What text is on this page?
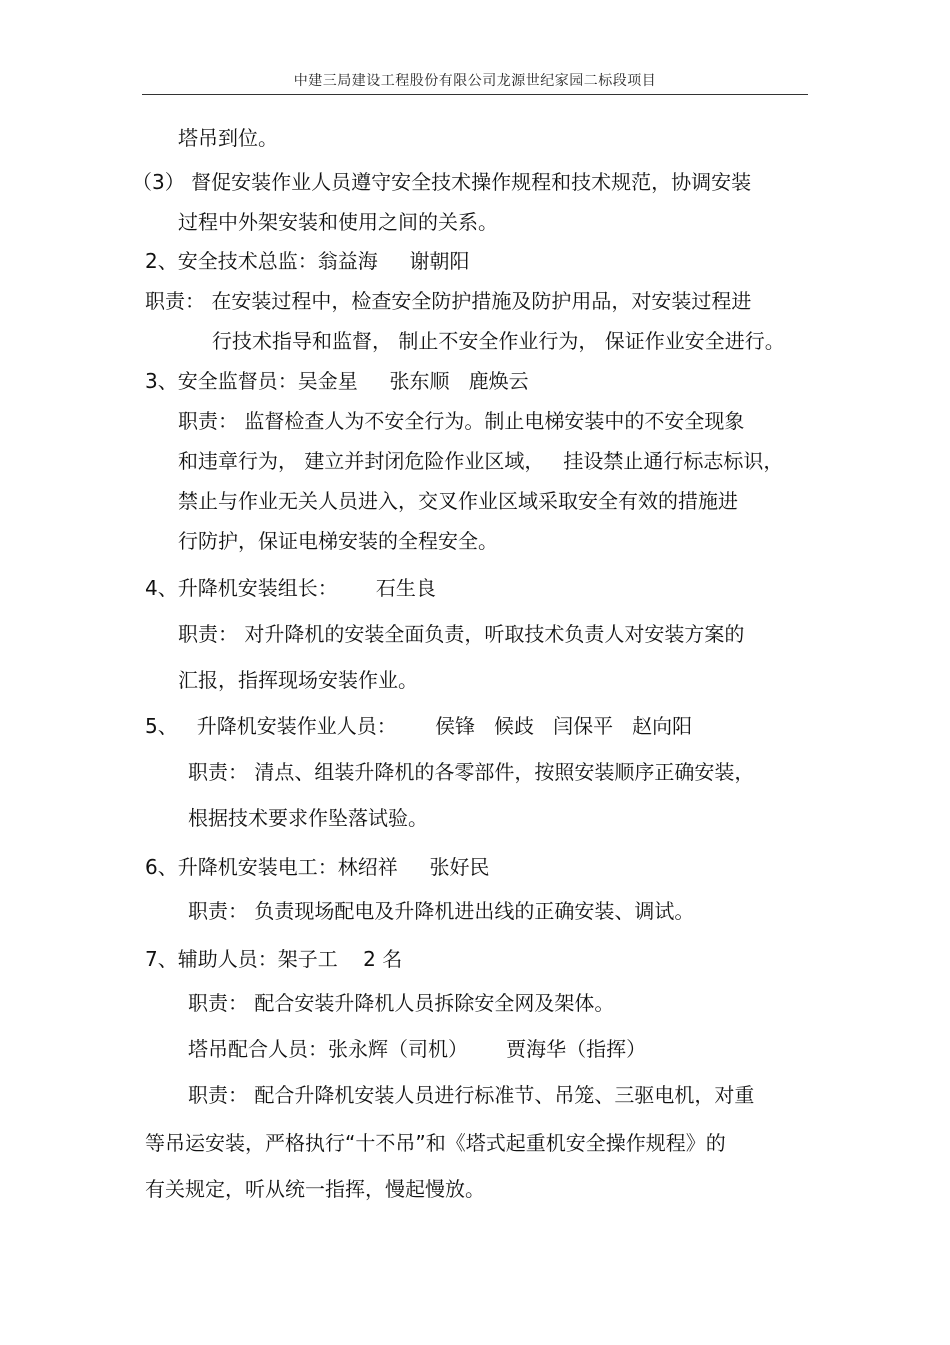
中建三局建设工程股份有限公司龙源世纪家园二标段项目
塔吊到位。
（3） 督促安装作业人员遵守安全技术操作规程和技术规范，协调安装
过程中外架安装和使用之间的关系。
2、安全技术总监：翁益海     谢朝阳
职责： 在安装过程中，检查安全防护措施及防护用品，对安装过程进
行技术指导和监督， 制止不安全作业行为， 保证作业安全进行。
3、安全监督员：吴金星     张东顺   鹿焕云
职责： 监督检查人为不安全行为。制止电梯安装中的不安全现象
和违章行为， 建立并封闭危险作业区域，   挂设禁止通行标志标识，
禁止与作业无关人员进入，交叉作业区域采取安全有效的措施进
行防护，保证电梯安装的全程安全。
4、升降机安装组长：      石生良
职责： 对升降机的安装全面负责，听取技术负责人对安装方案的
汇报，指挥现场安装作业。
5、   升降机安装作业人员：      侯锋   候歧   闫保平   赵向阳
职责： 清点、组装升降机的各零部件，按照安装顺序正确安装，
根据技术要求作坠落试验。
6、升降机安装电工：林绍祥     张好民
职责： 负责现场配电及升降机进出线的正确安装、调试。
7、辅助人员：架子工    2 名
职责： 配合安装升降机人员拆除安全网及架体。
塔吊配合人员：张永辉（司机）      贾海华（指挥）
职责： 配合升降机安装人员进行标准节、吊笼、三驱电机，对重
等吊运安装，严格执行“十不吊”和《塔式起重机安全操作规程》的
有关规定，听从统一指挥，慢起慢放。
